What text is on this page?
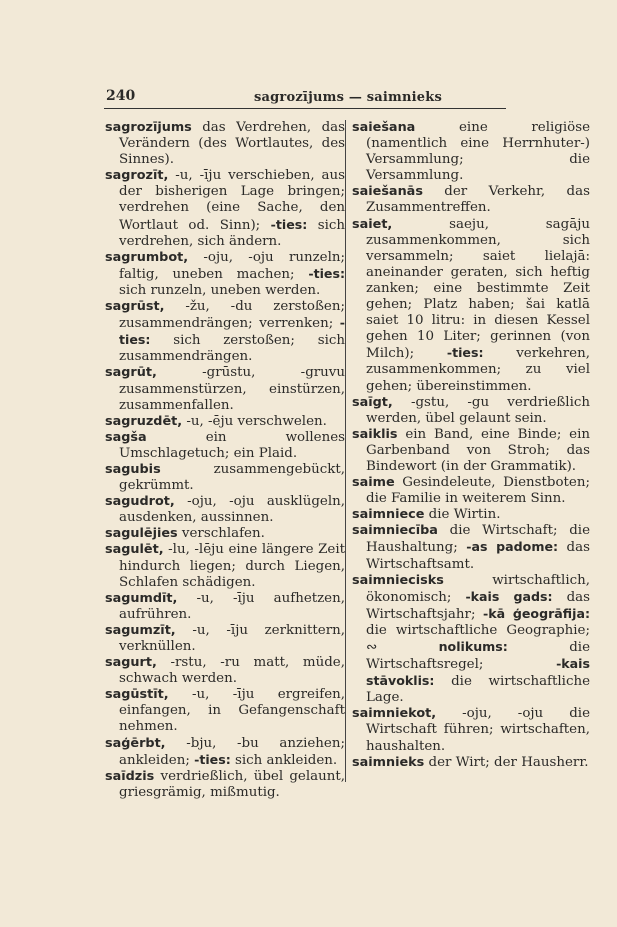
240	sagrozījums — saimnieks

sagrozījums das Verdrehen, das Verändern (des Wortlautes, des Sinnes).

sagrozīt, -u, -īju verschieben, aus der bisherigen Lage bringen; verdrehen (eine Sache, den Wortlaut od. Sinn); -ties: sich verdrehen, sich ändern.

sagrumbot, -oju, -oju runzeln; faltig, uneben machen; -ties: sich runzeln, uneben werden.

sagrūst, -žu, -du zerstoßen; zusammendrängen; verrenken; -ties: sich zerstoßen; sich zusammendrängen.

sagrūt, -grūstu, -gruvu zusammenstürzen, einstürzen, zusammenfallen.

sagruzdēt, -u, -ēju verschwelen.

sagša ein wollenes Umschlagetuch; ein Plaid.

sagubis zusammengebückt, gekrümmt.

sagudrot, -oju, -oju ausklügeln, ausdenken, aussinnen.

sagulējies verschlafen.

sagulēt, -lu, -lēju eine längere Zeit hindurch liegen; durch Liegen, Schlafen schädigen.

sagumdīt, -u, -īju aufhetzen, aufrühren.

sagumzīt, -u, -īju zerknittern, verknüllen.

sagurt, -rstu, -ru matt, müde, schwach werden.

sagūstīt, -u, -īju ergreifen, einfangen, in Gefangenschaft nehmen.

saģērbt, -bju, -bu anziehen; ankleiden; -ties: sich ankleiden.

saīdzis verdrießlich, übel gelaunt, griesgrämig, mißmutig.

saiešana eine religiöse (namentlich eine Herrnhuter-) Versammlung; die Versammlung.

saiešanās der Verkehr, das Zusammentreffen.

saiet, saeju, sagāju zusammenkommen, sich versammeln; saiet lielajā: aneinander geraten, sich heftig zanken; eine bestimmte Zeit gehen; Platz haben; šai katlā saiet 10 litru: in diesen Kessel gehen 10 Liter; gerinnen (von Milch); -ties: verkehren, zusammenkommen; zu viel gehen; übereinstimmen.

saīgt, -gstu, -gu verdrießlich werden, übel gelaunt sein.

saiklis ein Band, eine Binde; ein Garbenband von Stroh; das Bindewort (in der Grammatik).

saime Gesindeleute, Dienstboten; die Familie in weiterem Sinn.

saimniece die Wirtin.

saimniecība die Wirtschaft; die Haushaltung; -as padome: das Wirtschaftsamt.

saimniecisks wirtschaftlich, ökonomisch; -kais gads: das Wirtschaftsjahr; -kā ģeogrāfija: die wirtschaftliche Geographie; ∾ nolikums: die Wirtschaftsregel; -kais stāvoklis: die wirtschaftliche Lage.

saimniekot, -oju, -oju die Wirtschaft führen; wirtschaften, haushalten.

saimnieks der Wirt; der Hausherr.
